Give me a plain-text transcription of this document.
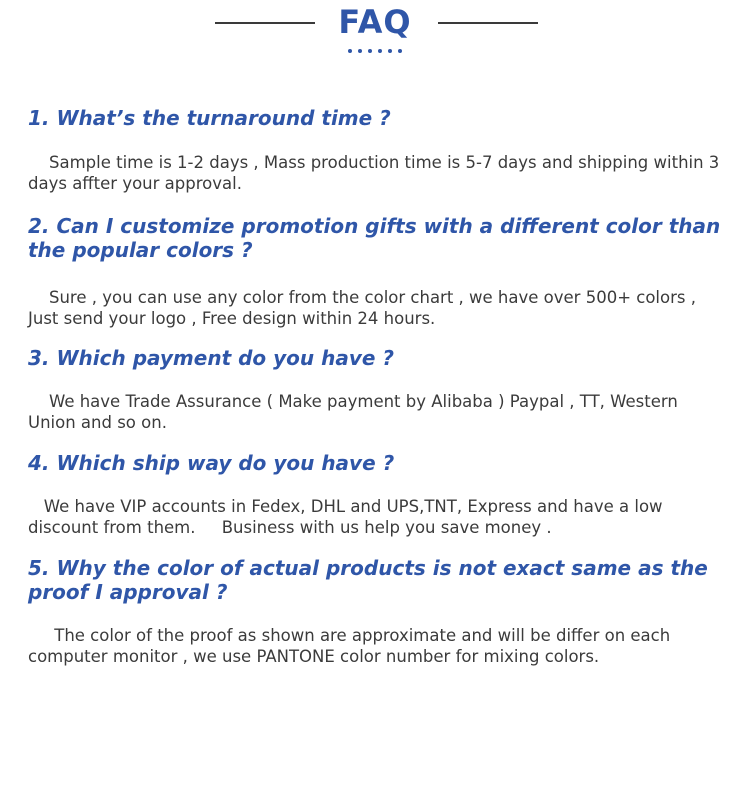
FAQ
1. What’s the turnaround time ?

Sample time is 1-2 days , Mass production time is 5-7 days and shipping within 3 days affter your approval.

2. Can I customize promotion gifts with a different color than the popular colors ?

Sure , you can use any color from the color chart , we have over 500+ colors , Just send your logo , Free design within 24 hours.

3. Which payment do you have ?

We have Trade Assurance ( Make payment by Alibaba ) Paypal , TT, Western Union and so on.

4. Which ship way do you have ?

We have VIP accounts in Fedex, DHL and UPS,TNT, Express and have a low discount from them.     Business with us help you save money .

5. Why the color of actual products is not exact same as the proof I approval ?

The color of the proof as shown are approximate and will be differ on each computer monitor , we use PANTONE color number for mixing colors.
